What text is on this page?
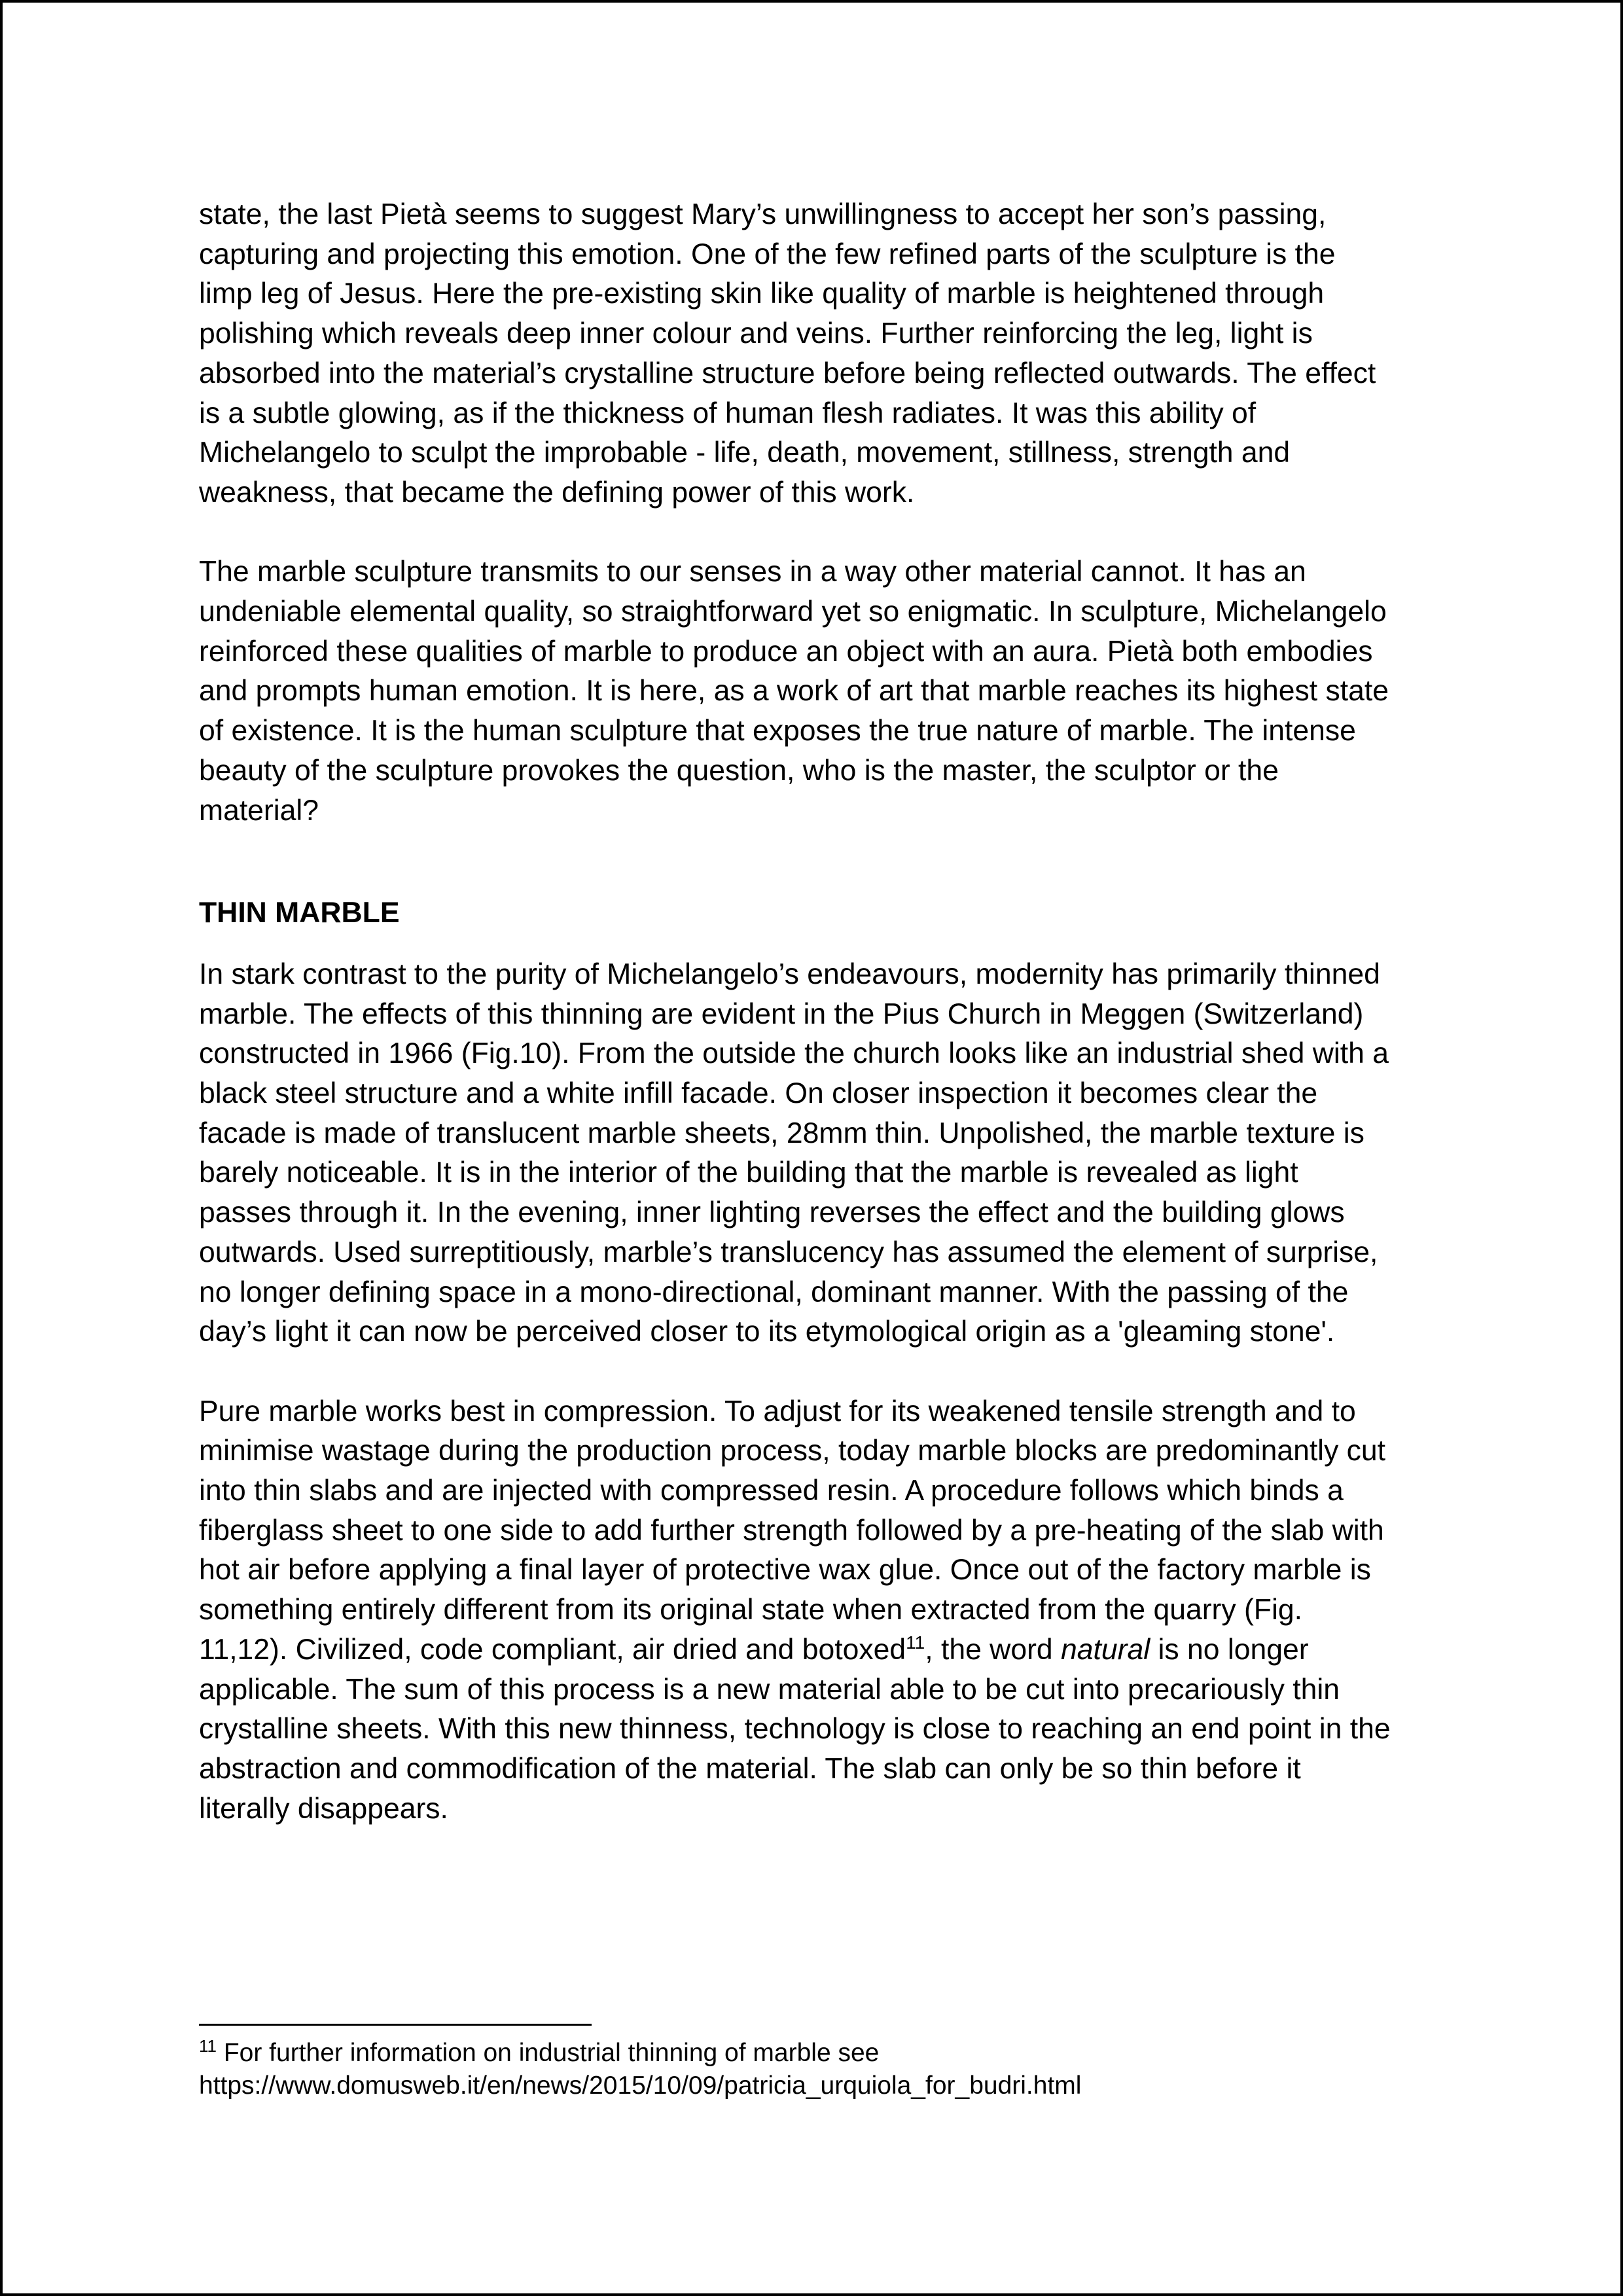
state, the last Pietà seems to suggest Mary’s unwillingness to accept her son’s passing,
capturing and projecting this emotion. One of the few refined parts of the sculpture is the
limp leg of Jesus. Here the pre-existing skin like quality of marble is heightened through
polishing which reveals deep inner colour and veins. Further reinforcing the leg, light is
absorbed into the material’s crystalline structure before being reflected outwards. The effect
is a subtle glowing, as if the thickness of human flesh radiates. It was this ability of
Michelangelo to sculpt the improbable - life, death, movement, stillness, strength and
weakness, that became the defining power of this work.
The marble sculpture transmits to our senses in a way other material cannot. It has an
undeniable elemental quality, so straightforward yet so enigmatic. In sculpture, Michelangelo
reinforced these qualities of marble to produce an object with an aura. Pietà both embodies
and prompts human emotion. It is here, as a work of art that marble reaches its highest state
of existence. It is the human sculpture that exposes the true nature of marble. The intense
beauty of the sculpture provokes the question, who is the master, the sculptor or the
material?
THIN MARBLE
In stark contrast to the purity of Michelangelo’s endeavours, modernity has primarily thinned
marble. The effects of this thinning are evident in the Pius Church in Meggen (Switzerland)
constructed in 1966 (Fig.10). From the outside the church looks like an industrial shed with a
black steel structure and a white infill facade. On closer inspection it becomes clear the
facade is made of translucent marble sheets, 28mm thin. Unpolished, the marble texture is
barely noticeable. It is in the interior of the building that the marble is revealed as light
passes through it. In the evening, inner lighting reverses the effect and the building glows
outwards. Used surreptitiously, marble’s translucency has assumed the element of surprise,
no longer defining space in a mono-directional, dominant manner. With the passing of the
day’s light it can now be perceived closer to its etymological origin as a 'gleaming stone'.
Pure marble works best in compression. To adjust for its weakened tensile strength and to
minimise wastage during the production process, today marble blocks are predominantly cut
into thin slabs and are injected with compressed resin. A procedure follows which binds a
fiberglass sheet to one side to add further strength followed by a pre-heating of the slab with
hot air before applying a final layer of protective wax glue. Once out of the factory marble is
something entirely different from its original state when extracted from the quarry (Fig.
11,12). Civilized, code compliant, air dried and botoxed$^{11}$, the word natural is no longer
applicable. The sum of this process is a new material able to be cut into precariously thin
crystalline sheets. With this new thinness, technology is close to reaching an end point in the
abstraction and commodification of the material. The slab can only be so thin before it
literally disappears.
$^{11}$ For further information on industrial thinning of marble see
https://www.domusweb.it/en/news/2015/10/09/patricia_urquiola_for_budri.html
